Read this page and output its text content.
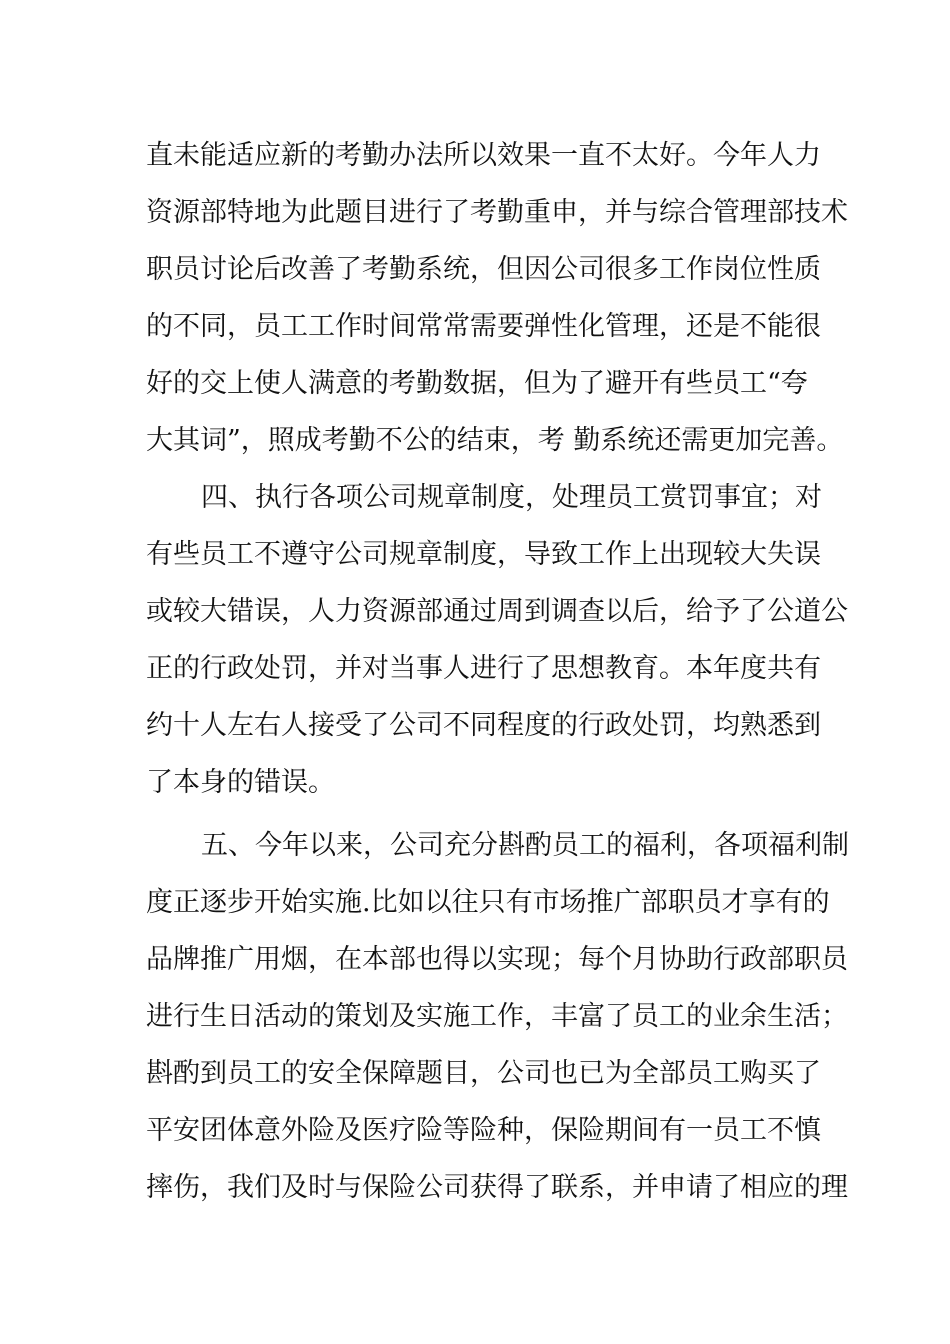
直未能适应新的考勤办法所以效果一直不太好。今年人力
资源部特地为此题目进行了考勤重申，并与综合管理部技术
职员讨论后改善了考勤系统，但因公司很多工作岗位性质
的不同，员工工作时间常常需要弹性化管理，还是不能很
好的交上使人满意的考勤数据，但为了避开有些员工“夸
大其词”，照成考勤不公的结束，考 勤系统还需更加完善。
四、执行各项公司规章制度，处理员工赏罚事宜；对
有些员工不遵守公司规章制度，导致工作上出现较大失误
或较大错误，人力资源部通过周到调查以后，给予了公道公
正的行政处罚，并对当事人进行了思想教育。本年度共有
约十人左右人接受了公司不同程度的行政处罚，均熟悉到
了本身的错误。
五、今年以来，公司充分斟酌员工的福利，各项福利制
度正逐步开始实施.比如以往只有市场推广部职员才享有的
品牌推广用烟，在本部也得以实现；每个月协助行政部职员
进行生日活动的策划及实施工作，丰富了员工的业余生活；
斟酌到员工的安全保障题目，公司也已为全部员工购买了
平安团体意外险及医疗险等险种，保险期间有一员工不慎
摔伤，我们及时与保险公司获得了联系，并申请了相应的理
